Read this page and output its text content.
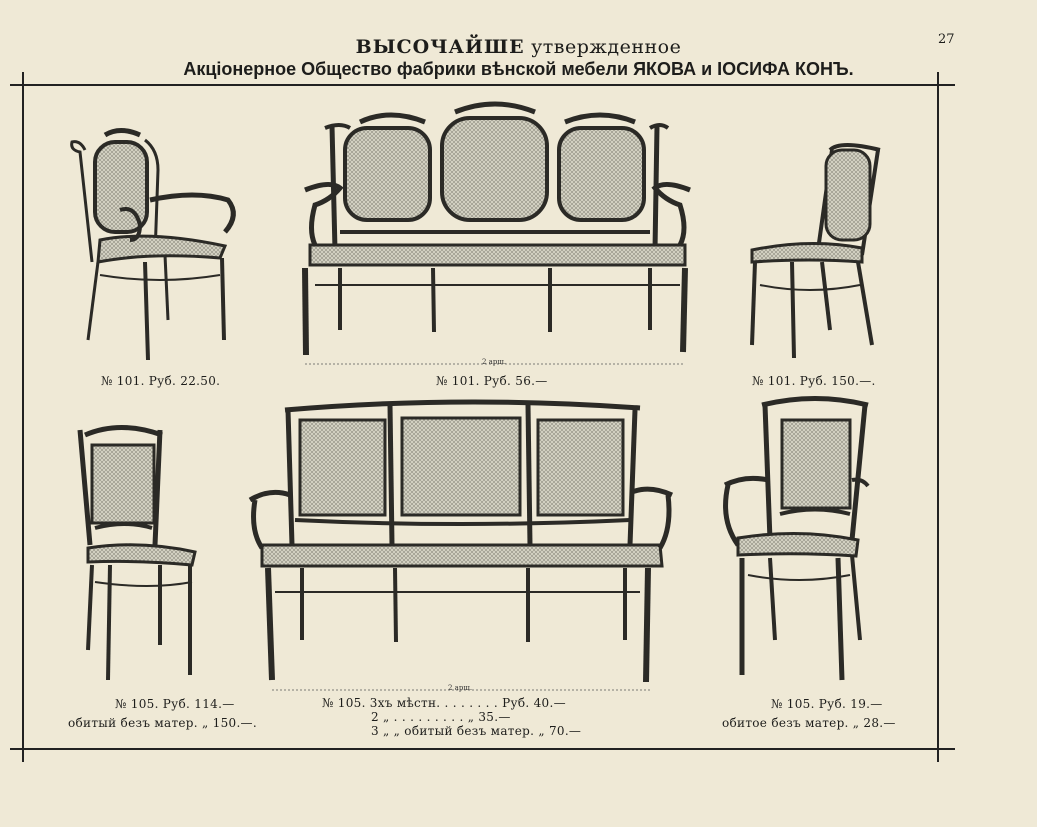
27
ВЫСОЧАЙШЕ утвержденное
Акціонерное Общество фабрики вѣнской мебели ЯКОВА и ІОСИФА КОНЪ.
№ 101. Руб. 22.50.
2 арш.
№ 101. Руб. 56.—	№ 101. Руб. 150.—.
№ 105. Руб. 114.—
обитый безъ матер. „ 150.—.
2 арш.
№ 105. 3хъ мѣстн. . . . . . . . Руб. 40.—
2 „ . . . . . . . . . „ 35.—
3 „ „ обитый безъ матер. „ 70.—
№ 105. Руб. 19.—
обитое безъ матер. „ 28.—
